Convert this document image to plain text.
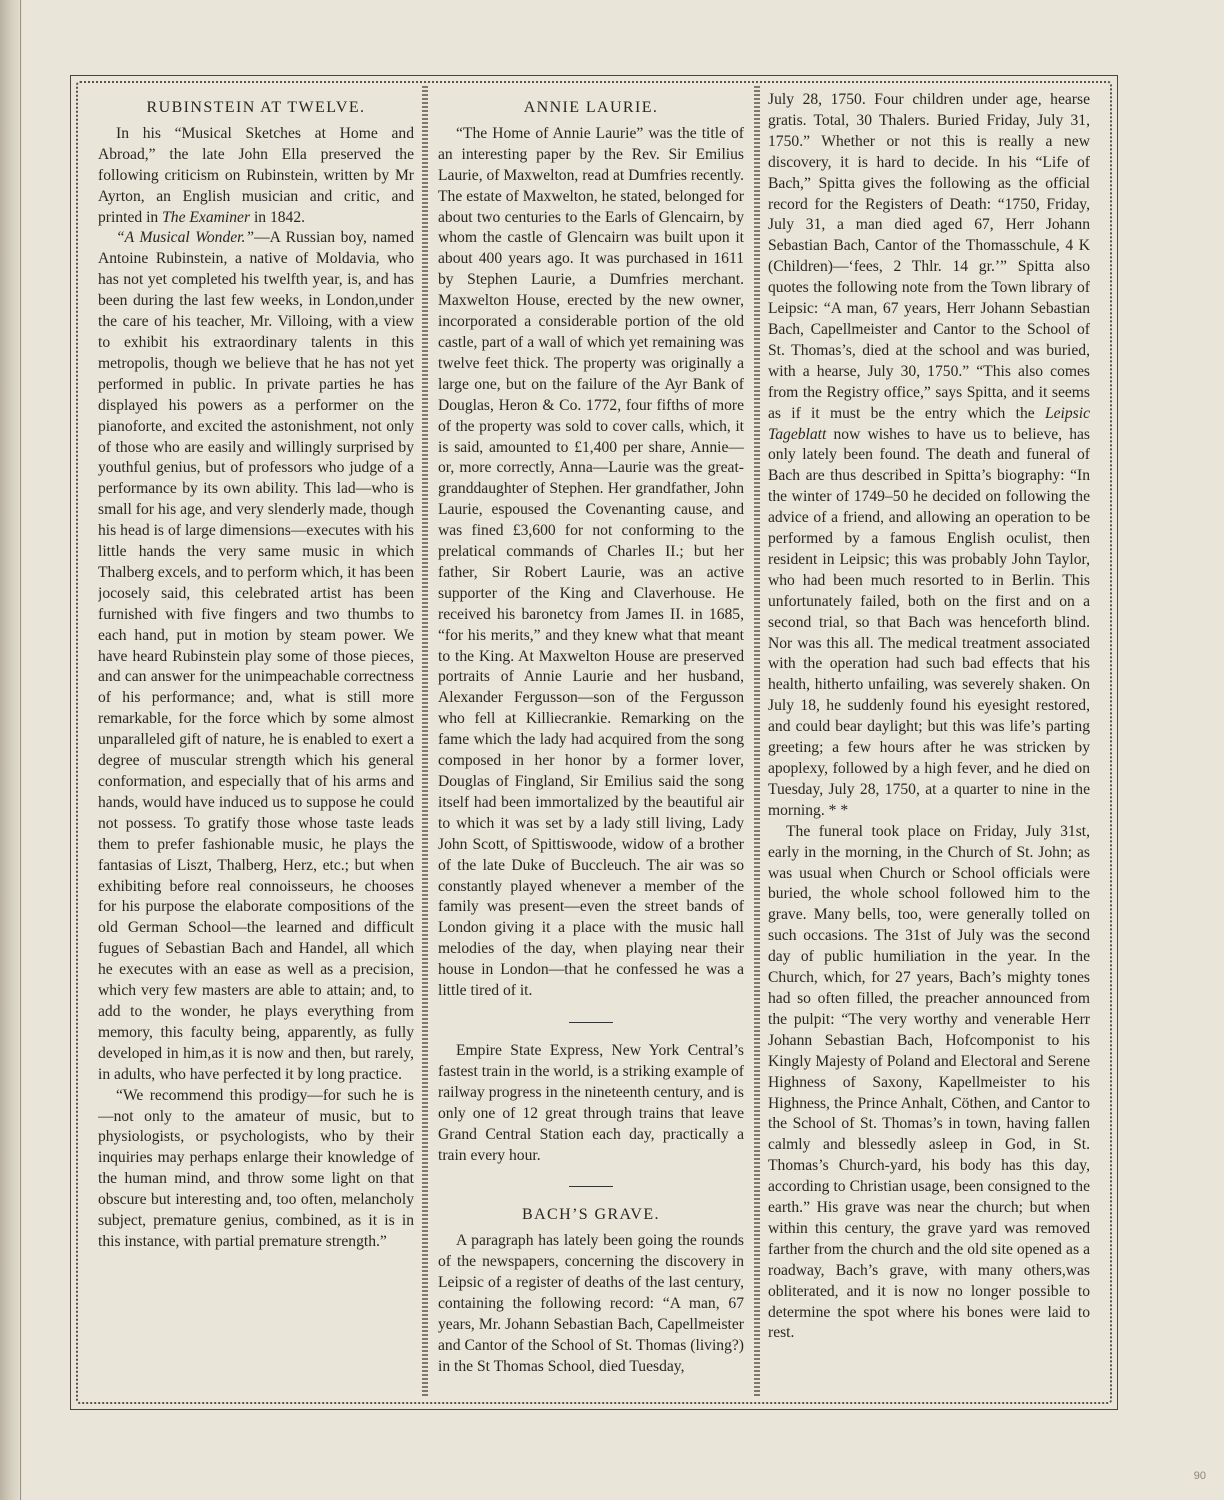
RUBINSTEIN AT TWELVE.

In his “Musical Sketches at Home and Abroad,” the late John Ella preserved the following criticism on Rubinstein, written by Mr Ayrton, an English musician and critic, and printed in The Examiner in 1842.

“A Musical Wonder.”—A Russian boy, named Antoine Rubinstein, a native of Moldavia, who has not yet completed his twelfth year, is, and has been during the last few weeks, in London,under the care of his teacher, Mr. Villoing, with a view to exhibit his extraordinary talents in this metropolis, though we believe that he has not yet performed in public. In private parties he has displayed his powers as a performer on the pianoforte, and excited the astonishment, not only of those who are easily and willingly surprised by youthful genius, but of professors who judge of a performance by its own ability. This lad—who is small for his age, and very slenderly made, though his head is of large dimensions—executes with his little hands the very same music in which Thalberg excels, and to perform which, it has been jocosely said, this celebrated artist has been furnished with five fingers and two thumbs to each hand, put in motion by steam power. We have heard Rubinstein play some of those pieces, and can answer for the unimpeachable correctness of his performance; and, what is still more remarkable, for the force which by some almost unparalleled gift of nature, he is enabled to exert a degree of muscular strength which his general conformation, and especially that of his arms and hands, would have induced us to suppose he could not possess. To gratify those whose taste leads them to prefer fashionable music, he plays the fantasias of Liszt, Thalberg, Herz, etc.; but when exhibiting before real connoisseurs, he chooses for his purpose the elaborate compositions of the old German School—the learned and difficult fugues of Sebastian Bach and Handel, all which he executes with an ease as well as a precision, which very few masters are able to attain; and, to add to the wonder, he plays everything from memory, this faculty being, apparently, as fully developed in him,as it is now and then, but rarely, in adults, who have perfected it by long practice.

“We recommend this prodigy—for such he is—not only to the amateur of music, but to physiologists, or psychologists, who by their inquiries may perhaps enlarge their knowledge of the human mind, and throw some light on that obscure but interesting and, too often, melancholy subject, premature genius, combined, as it is in this instance, with partial premature strength.”

ANNIE LAURIE.

“The Home of Annie Laurie” was the title of an interesting paper by the Rev. Sir Emilius Laurie, of Maxwelton, read at Dumfries recently. The estate of Maxwelton, he stated, belonged for about two centuries to the Earls of Glencairn, by whom the castle of Glencairn was built upon it about 400 years ago. It was purchased in 1611 by Stephen Laurie, a Dumfries merchant. Maxwelton House, erected by the new owner, incorporated a considerable portion of the old castle, part of a wall of which yet remaining was twelve feet thick. The property was originally a large one, but on the failure of the Ayr Bank of Douglas, Heron & Co. 1772, four fifths of more of the property was sold to cover calls, which, it is said, amounted to £1,400 per share, Annie—or, more correctly, Anna—Laurie was the great-granddaughter of Stephen. Her grandfather, John Laurie, espoused the Covenanting cause, and was fined £3,600 for not conforming to the prelatical commands of Charles II.; but her father, Sir Robert Laurie, was an active supporter of the King and Claverhouse. He received his baronetcy from James II. in 1685, “for his merits,” and they knew what that meant to the King. At Maxwelton House are preserved portraits of Annie Laurie and her husband, Alexander Fergusson—son of the Fergusson who fell at Killiecrankie. Remarking on the fame which the lady had acquired from the song composed in her honor by a former lover, Douglas of Fingland, Sir Emilius said the song itself had been immortalized by the beautiful air to which it was set by a lady still living, Lady John Scott, of Spittiswoode, widow of a brother of the late Duke of Buccleuch. The air was so constantly played whenever a member of the family was present—even the street bands of London giving it a place with the music hall melodies of the day, when playing near their house in London—that he confessed he was a little tired of it.

Empire State Express, New York Central’s fastest train in the world, is a striking example of railway progress in the nineteenth century, and is only one of 12 great through trains that leave Grand Central Station each day, practically a train every hour.

BACH’S GRAVE.

A paragraph has lately been going the rounds of the newspapers, concerning the discovery in Leipsic of a register of deaths of the last century, containing the following record: “A man, 67 years, Mr. Johann Sebastian Bach, Capellmeister and Cantor of the School of St. Thomas (living?) in the St Thomas School, died Tuesday,

July 28, 1750. Four children under age, hearse gratis. Total, 30 Thalers. Buried Friday, July 31, 1750.” Whether or not this is really a new discovery, it is hard to decide. In his “Life of Bach,” Spitta gives the following as the official record for the Registers of Death: “1750, Friday, July 31, a man died aged 67, Herr Johann Sebastian Bach, Cantor of the Thomasschule, 4 K (Children)—‘fees, 2 Thlr. 14 gr.’” Spitta also quotes the following note from the Town library of Leipsic: “A man, 67 years, Herr Johann Sebastian Bach, Capellmeister and Cantor to the School of St. Thomas’s, died at the school and was buried, with a hearse, July 30, 1750.” “This also comes from the Registry office,” says Spitta, and it seems as if it must be the entry which the Leipsic Tageblatt now wishes to have us to believe, has only lately been found. The death and funeral of Bach are thus described in Spitta’s biography: “In the winter of 1749–50 he decided on following the advice of a friend, and allowing an operation to be performed by a famous English oculist, then resident in Leipsic; this was probably John Taylor, who had been much resorted to in Berlin. This unfortunately failed, both on the first and on a second trial, so that Bach was henceforth blind. Nor was this all. The medical treatment associated with the operation had such bad effects that his health, hitherto unfailing, was severely shaken. On July 18, he suddenly found his eyesight restored, and could bear daylight; but this was life’s parting greeting; a few hours after he was stricken by apoplexy, followed by a high fever, and he died on Tuesday, July 28, 1750, at a quarter to nine in the morning. * *

The funeral took place on Friday, July 31st, early in the morning, in the Church of St. John; as was usual when Church or School officials were buried, the whole school followed him to the grave. Many bells, too, were generally tolled on such occasions. The 31st of July was the second day of public humiliation in the year. In the Church, which, for 27 years, Bach’s mighty tones had so often filled, the preacher announced from the pulpit: “The very worthy and venerable Herr Johann Sebastian Bach, Hofcomponist to his Kingly Majesty of Poland and Electoral and Serene Highness of Saxony, Kapellmeister to his Highness, the Prince Anhalt, Cöthen, and Cantor to the School of St. Thomas’s in town, having fallen calmly and blessedly asleep in God, in St. Thomas’s Church-yard, his body has this day, according to Christian usage, been consigned to the earth.” His grave was near the church; but when within this century, the grave yard was removed farther from the church and the old site opened as a roadway, Bach’s grave, with many others,was obliterated, and it is now no longer possible to determine the spot where his bones were laid to rest.

90
